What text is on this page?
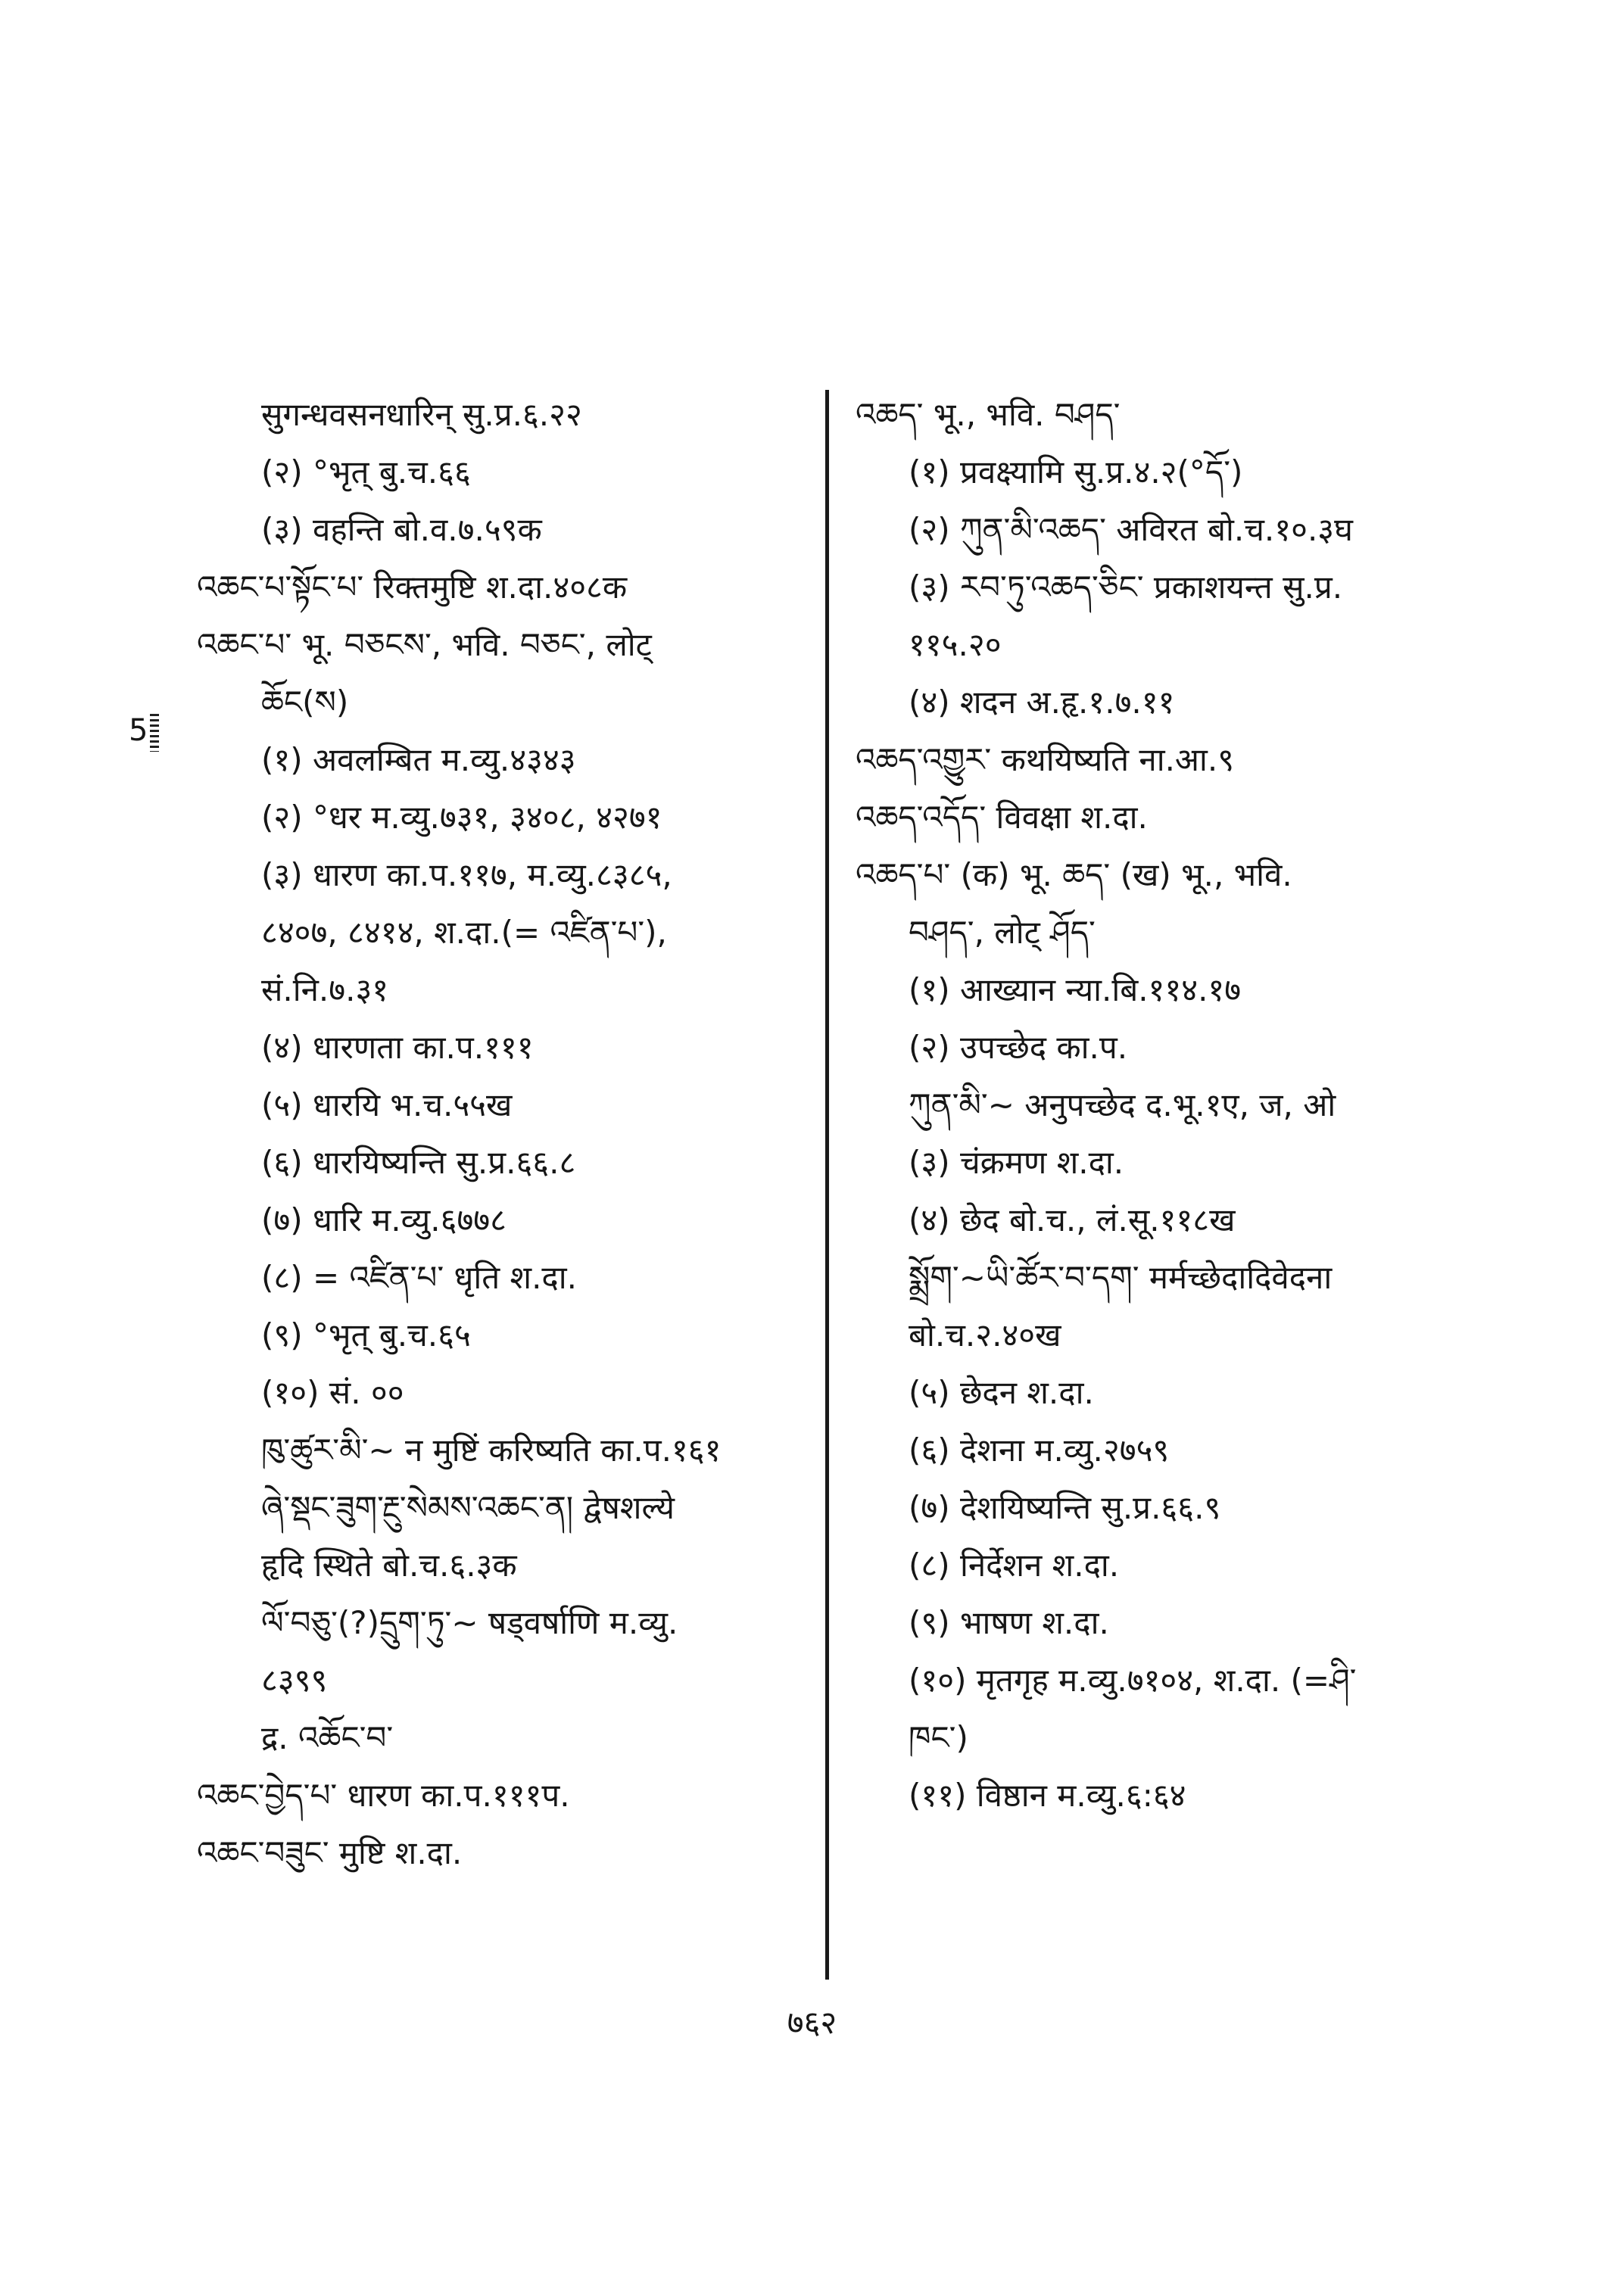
5
सुगन्धवसनधारिन् सु.प्र.६.२२
(२) °भृत् बु.च.६६
(३) वहन्ति बो.व.७.५९क
འཆང་པ་སྟོང་པ་ रिक्तमुष्टि श.दा.४०८क
འཆང་པ་ भू. བཅངས་, भवि. བཅང་, लोट्
ཆོང(ས)
(१) अवलम्बित म.व्यु.४३४३
(२) °धर म.व्यु.७३१, ३४०८, ४२७१
(३) धारण का.प.११७, म.व्यु.८३८५,
८४०७, ८४१४, श.दा.(= འཛིན་པ་),
सं.नि.७.३१
(४) धारणता का.प.१११
(५) धारयि भ.च.५५ख
(६) धारयिष्यन्ति सु.प्र.६६.८
(७) धारि म.व्यु.६७७८
(८) = འཛིན་པ་ धृति श.दा.
(९) °भृत् बु.च.६५
(१०) सं. ००
ཁུ་ཚུར་མི་~ न मुष्टिं करिष्यति का.प.१६१
ཞེ་སྡང་ཟུག་རྔུ་སེམས་འཆང་ན། द्वेषशल्ये
हृदि स्थिते बो.च.६.३क
ལོ་བཅུ་(?)དྲུག་ཏུ་~ षड्वर्षाणि म.व्यु.
८३९९
द्र. འཆོང་བ་
འཆང་བྱེད་པ་ धारण का.प.१११प.
འཆང་བཟུང་ मुष्टि श.दा.
འཆད་ भू., भवि. བཤད་
(१) प्रवक्ष्यामि सु.प्र.४.२(°དོ་)
(२) ཀུན་མི་འཆད་ अविरत बो.च.१०.३घ
(३) རབ་ཏུ་འཆད་ཅིང་ प्रकाशयन्त सु.प्र.
११५.२०
(४) शदन अ.हृ.१.७.११
འཆད་འགྱུར་ कथयिष्यति ना.आ.९
འཆད་འདོད་ विवक्षा श.दा.
འཆད་པ་ (क) भू. ཆད་ (ख) भू., भवि.
བཤད་, लोट् ཤོད་
(१) आख्यान न्या.बि.११४.१७
(२) उपच्छेद का.प.
ཀུན་མི་~ अनुपच्छेद द.भू.१ए, ज, ओ
(३) चंक्रमण श.दा.
(४) छेद बो.च., लं.सू.११८ख
སྨྲོག་~ཡི་ཚོར་བ་དག་ मर्मच्छेदादिवेदना
बो.च.२.४०ख
(५) छेदन श.दा.
(६) देशना म.व्यु.२७५९
(७) देशयिष्यन्ति सु.प्र.६६.९
(८) निर्देशन श.दा.
(९) भाषण श.दा.
(१०) मृतगृह म.व्यु.७१०४, श.दा. (=ཤི་
ཁང་)
(११) विष्ठान म.व्यु.६:६४
७६२
